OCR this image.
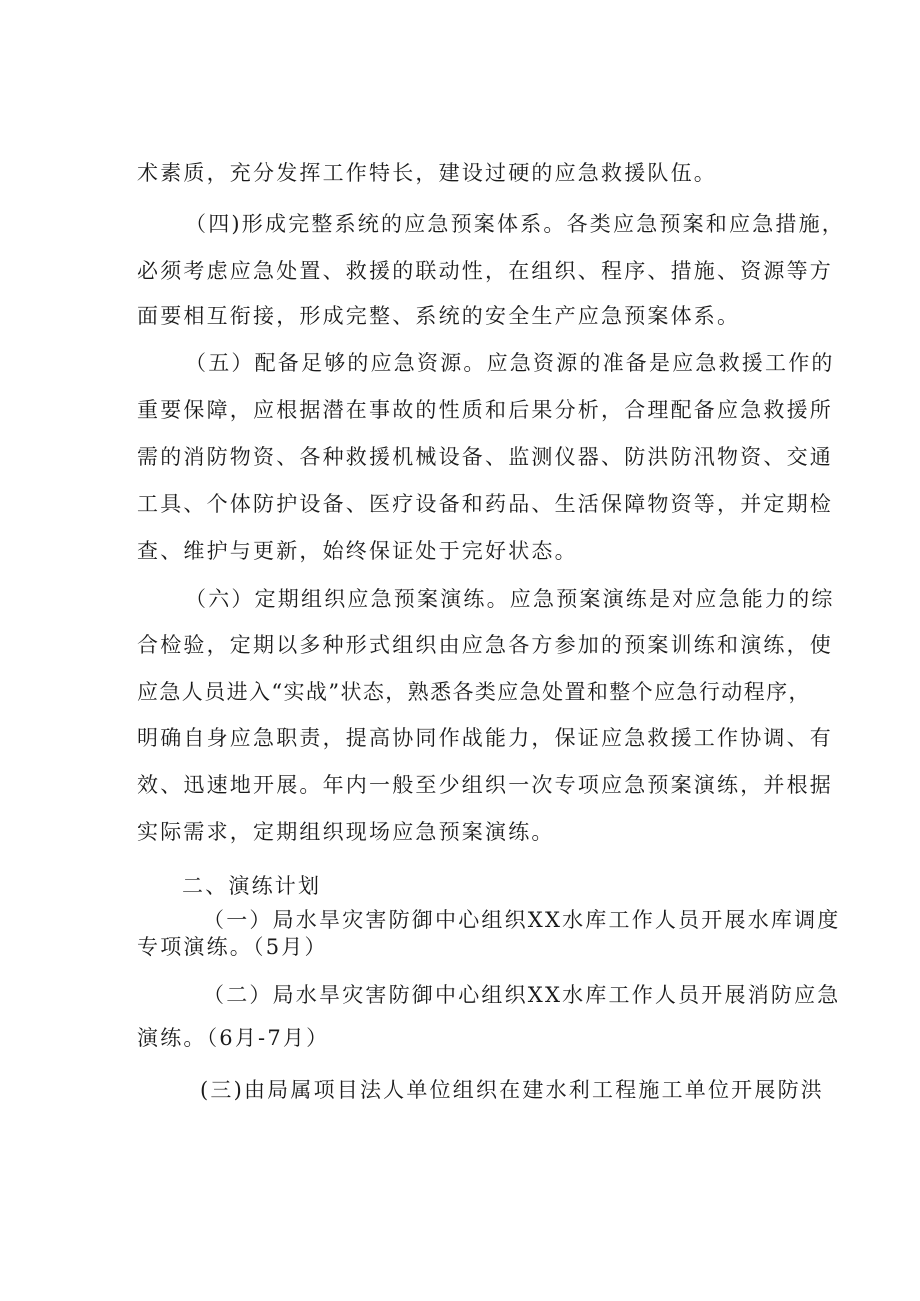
术素质，充分发挥工作特长，建设过硬的应急救援队伍。
（四)形成完整系统的应急预案体系。各类应急预案和应急措施，
必须考虑应急处置、救援的联动性，在组织、程序、措施、资源等方
面要相互衔接，形成完整、系统的安全生产应急预案体系。
（五）配备足够的应急资源。应急资源的准备是应急救援工作的
重要保障，应根据潜在事故的性质和后果分析，合理配备应急救援所
需的消防物资、各种救援机械设备、监测仪器、防洪防汛物资、交通
工具、个体防护设备、医疗设备和药品、生活保障物资等，并定期检
查、维护与更新，始终保证处于完好状态。
（六）定期组织应急预案演练。应急预案演练是对应急能力的综
合检验，定期以多种形式组织由应急各方参加的预案训练和演练，使
应急人员进入“实战”状态，熟悉各类应急处置和整个应急行动程序，
明确自身应急职责，提高协同作战能力，保证应急救援工作协调、有
效、迅速地开展。年内一般至少组织一次专项应急预案演练，并根据
实际需求，定期组织现场应急预案演练。
二、演练计划
（一）局水旱灾害防御中心组织XX水库工作人员开展水库调度
专项演练。（5月）
（二）局水旱灾害防御中心组织XX水库工作人员开展消防应急
演练。（6月-7月）
(三)由局属项目法人单位组织在建水利工程施工单位开展防洪
